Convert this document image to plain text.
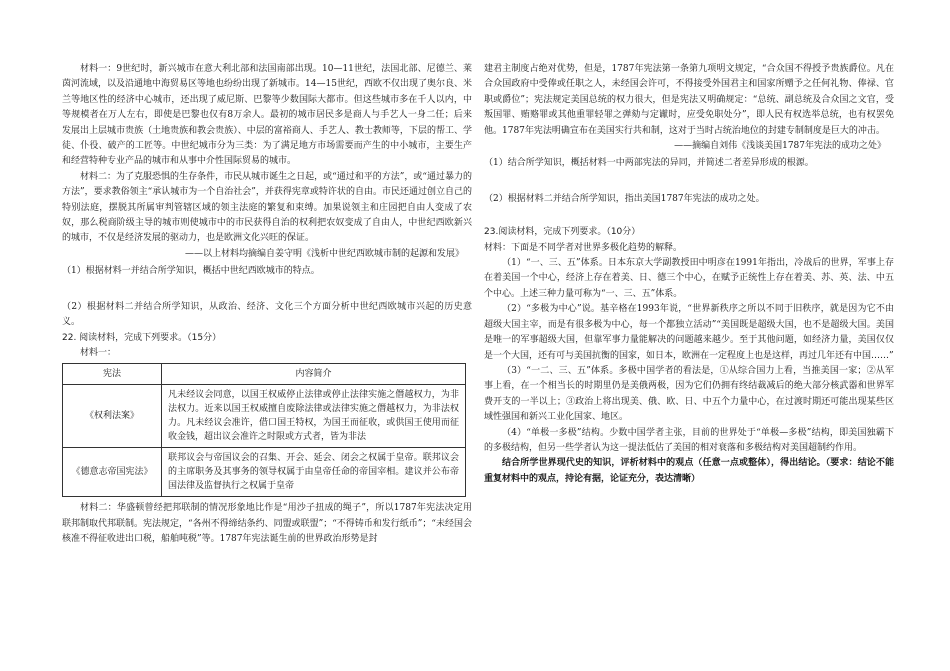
材料一：9世纪时，新兴城市在意大利北部和法国南部出现。10—11世纪，法国北部、尼德兰、莱茵河流域，以及沿通地中海贸易区等地也纷纷出现了新城市。14—15世纪，西欧不仅出现了奥尔良、米兰等地区性的经济中心城市，还出现了威尼斯、巴黎等少数国际大都市。但这些城市多在千人以内，中等规模者在万人左右，即使是巴黎也仅有8万余人。最初的城市居民多是商人与手艺人一身二任；后来发展出上层城市贵族（土地贵族和教会贵族）、中层的富裕商人、手艺人、教士教师等，下层的帮工、学徒、仆役、破产的工匠等。中世纪城市分为三类：为了满足地方市场需要而产生的中小城市，主要生产和经营特种专业产品的城市和从事中介性国际贸易的城市。

材料二：为了克服恐惧的生存条件，市民从城市诞生之日起，或“通过和平的方法”，或“通过暴力的方法”，要求教俗领主“承认城市为一个自治社会”，并获得宪章或特许状的自由。市民还通过创立自己的特别法庭，摆脱其所属审判管辖区域的领主法庭的繁复和束缚。加果说领主和庄园把自由人变成了农奴，那么税商阶级主导的城市则使城市中的市民获得自治的权利把农奴变成了自由人，中世纪西欧新兴的城市，不仅是经济发展的驱动力，也是欧洲文化兴旺的保证。

——以上材料均摘编自姜守明《浅析中世纪西欧城市制的起源和发展》

（1）根据材料一并结合所学知识，概括中世纪西欧城市的特点。

（2）根据材料二并结合所学知识，从政治、经济、文化三个方面分析中世纪西欧城市兴起的历史意义。

22. 阅读材料，完成下列要求。（15分）

材料一：

宪法	内容简介
《权利法案》	凡未经议会同意，以国王权威停止法律或停止法律实施之僭越权力，为非法权力。近来以国王权威擅自废除法律或法律实施之僭越权力，为非法权力。凡未经议会准许，借口国王特权，为国王而征收，或供国王使用而征收金钱，超出议会准许之时限或方式者，皆为非法
《德意志帝国宪法》	联邦议会与帝国议会的召集、开会、延会、闭会之权属于皇帝。联邦议会的主席职务及其事务的领导权属于由皇帝任命的帝国宰相。建议并公布帝国法律及监督执行之权属于皇帝

材料二：华盛顿曾经把邦联制的情况形象地比作是“用沙子扭成的绳子”，所以1787年宪法决定用联邦制取代邦联制。宪法规定，“各州不得缔结条约、同盟或联盟”；“不得铸币和发行纸币”；“未经国会核准不得征收进出口税，船舶吨税”等。1787年宪法诞生前的世界政治形势是封

建君主制度占绝对优势，但是，1787年宪法第一条第九项明文规定，“合众国不得授予贵族爵位。凡在合众国政府中受俸或任职之人，未经国会许可，不得接受外国君主和国家所赠予之任何礼物、俸禄、官职或爵位”；宪法规定美国总统的权力很大，但是宪法又明确规定：“总统、副总统及合众国之文官，受叛国罪、贿赂罪或其他重罪轻罪之弹劾与定谳时，应受免职处分”，即人民有权选举总统，也有权罢免他。1787年宪法明确宣布在美国实行共和制，这对于当时占统治地位的封建专制制度是巨大的冲击。

——摘编自刘伟《浅谈美国1787年宪法的成功之处》

（1）结合所学知识，概括材料一中两部宪法的异同，并简述二者差异形成的根源。

（2）根据材料二并结合所学知识，指出美国1787年宪法的成功之处。

23.阅读材料，完成下列要求。（10分）

材料：下面是不同学者对世界多极化趋势的解释。

（1）“一、三、五”体系。日本东京大学副教授田中明彦在1991年指出，冷战后的世界，军事上存在着美国一个中心，经济上存在着美、日、德三个中心，在赋予正统性上存在着美、苏、英、法、中五个中心。上述三种力量可称为“一、三、五”体系。

（2）“多极为中心”说。基辛格在1993年说，“世界新秩序之所以不同于旧秩序，就是因为它不由超级大国主宰，而是有很多极为中心，每一个都独立活动”“美国既是超级大国，也不是超级大国。美国是唯一的军事超级大国，但靠军事力量能解决的问题越来越少。至于其他问题，如经济力量，美国仅仅是一个大国，还有可与美国抗衡的国家，如日本，欧洲在一定程度上也是这样，再过几年还有中国……”

（3）“一二、三、五”体系。多极中国学者的看法是，①从综合国力上看，当推美国一家；②从军事上看，在一个相当长的时期里仍是美俄两极，因为它们仍拥有终结裁减后的绝大部分核武器和世界军费开支的一半以上；③政治上将出现美、俄、欧、日、中五个力量中心，在过渡时期还可能出现某些区域性强国和新兴工业化国家、地区。

（4）“单极一多极”结构。少数中国学者主张，目前的世界处于“单极—多极”结构，即美国独霸下的多极结构，但另一些学者认为这一提法低估了美国的相对衰落和多极结构对美国超制约作用。

结合所学世界现代史的知识，评析材料中的观点（任意一点或整体），得出结论。（要求：结论不能重复材料中的观点，持论有据，论证充分，表达清晰）
